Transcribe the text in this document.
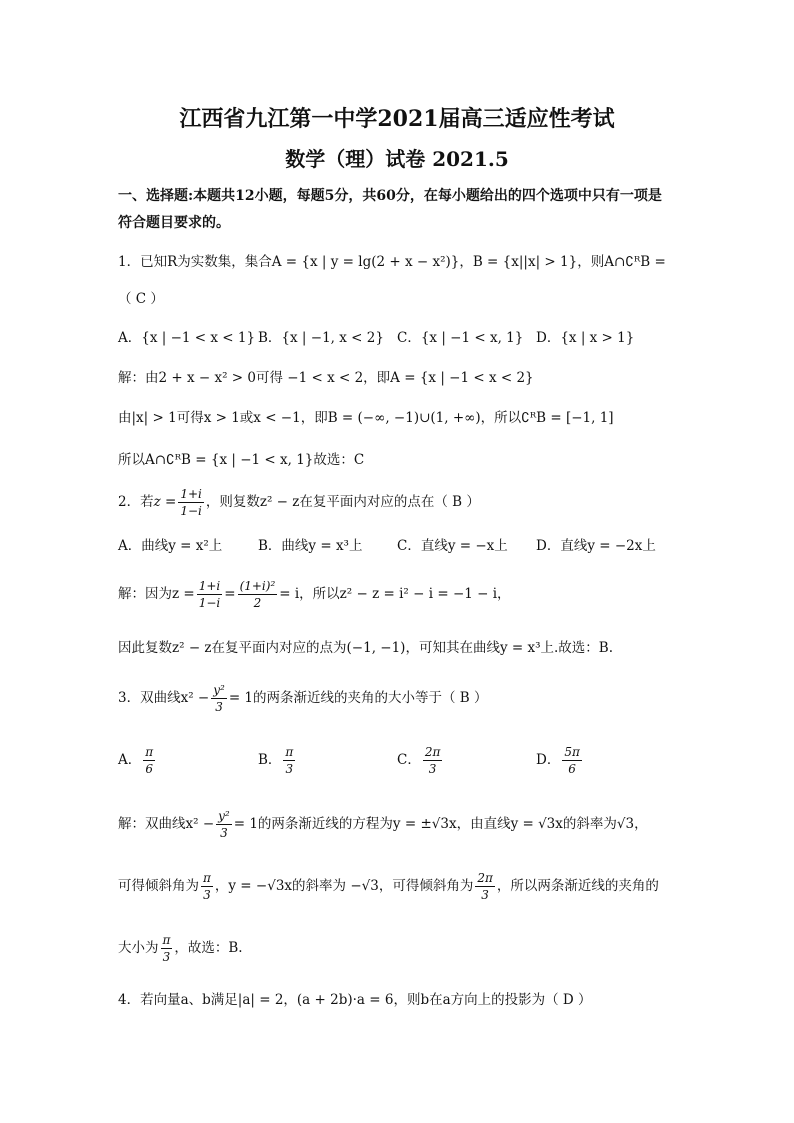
江西省九江第一中学2021届高三适应性考试
数学（理）试卷 2021.5
一、选择题:本题共12小题，每题5分，共60分，在每小题给出的四个选项中只有一项是
符合题目要求的。
1．已知R为实数集，集合A = {x | y = lg(2 + x − x²)}，B = {x||x| > 1}，则A∩∁ᴿB =
（ C ）
A．{x | −1 < x < 1} B．{x | −1, x < 2} C．{x | −1 < x, 1} D．{x | x > 1}
解：由2 + x − x² > 0可得 −1 < x < 2，即A = {x | −1 < x < 2}
由|x| > 1可得x > 1或x < −1，即B = (−∞, −1)∪(1, +∞)，所以∁ᴿB = [−1, 1]
所以A∩∁ᴿB = {x | −1 < x, 1}故选：C
2．若$z = \frac{1+i}{1-i}$ ，则复数z² − z在复平面内对应的点在（ B ）
A．曲线y = x²上	B．曲线y = x³上	C．直线y = −x上 D．直线y = −2x上
解：因为$z = \frac{1+i}{1-i} = \frac{\text{(1+i)²}}{2} = i$，所以z² − z = i² − i = −1 − i，
因此复数z² − z在复平面内对应的点为(−1, −1)，可知其在曲线y = x³上.故选：B.
3．双曲线$x^2 - \frac{\text{y²}}{3} = 1$的两条渐近线的夹角的大小等于（ B ）
A． $\frac{\pi}{6}$	B． $\frac{\pi}{3}$	C． $\frac{2\pi}{3}$	D． $\frac{5\pi}{6}$
解：双曲线$x^2 - \frac{\text{y²}}{3} = 1$的两条渐近线的方程为y = ±√3x，由直线y = √3x的斜率为√3，
可得倾斜角为 $\frac{\pi}{3}$ ，y = −√3x的斜率为 −√3，可得倾斜角为 $\frac{2\pi}{3}$ ，所以两条渐近线的夹角的
大小为 $\frac{\pi}{3}$ ，故选：B.
4．若向量a、b满足|a| = 2，(a + 2b)·a = 6，则b在a方向上的投影为（ D ）
